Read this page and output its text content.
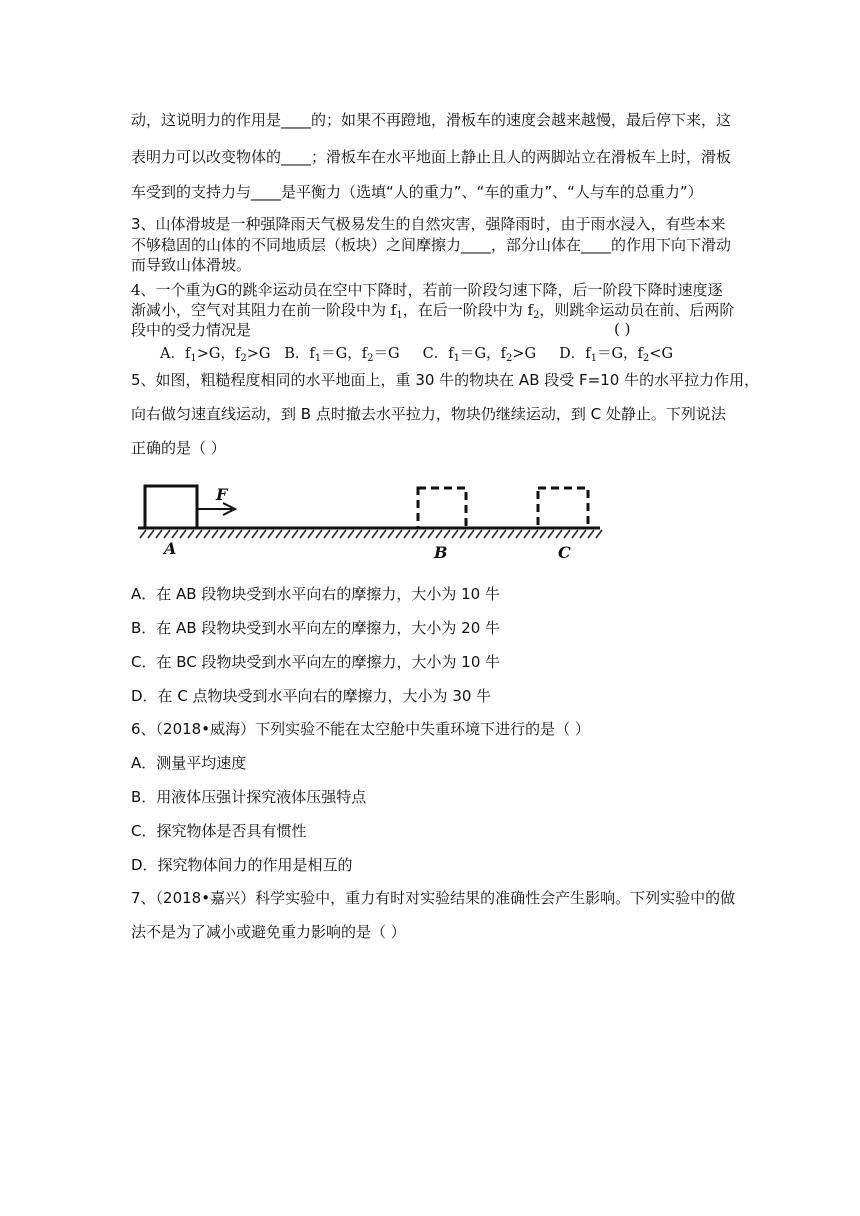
动，这说明力的作用是____的；如果不再蹬地，滑板车的速度会越来越慢，最后停下来，这
表明力可以改变物体的____；滑板车在水平地面上静止且人的两脚站立在滑板车上时，滑板
车受到的支持力与____是平衡力（选填“人的重力”、“车的重力”、“人与车的总重力”）
3、山体滑坡是一种强降雨天气极易发生的自然灾害，强降雨时，由于雨水浸入，有些本来
不够稳固的山体的不同地质层（板块）之间摩擦力____，部分山体在____的作用下向下滑动
而导致山体滑坡。
4、一个重为G的跳伞运动员在空中下降时，若前一阶段匀速下降，后一阶段下降时速度逐
渐减小，空气对其阻力在前一阶段中为 $f_1$，在后一阶段中为 $f_2$，则跳伞运动员在前、后两阶
段中的受力情况是	( )
A．$f_1>G$，$f_2>G$ B．$f_1=G$，$f_2=G$ C．$f_1=G$，$f_2>G$ D．$f_1=G$，$f_2<G$
5、如图，粗糙程度相同的水平地面上，重 30 牛的物块在 AB 段受 F=10 牛的水平拉力作用，
向右做匀速直线运动，到 B 点时撤去水平拉力，物块仍继续运动，到 C 处静止。下列说法
正确的是（ ）
F
A	B	C
A．在 AB 段物块受到水平向右的摩擦力，大小为 10 牛
B．在 AB 段物块受到水平向左的摩擦力，大小为 20 牛
C．在 BC 段物块受到水平向左的摩擦力，大小为 10 牛
D．在 C 点物块受到水平向右的摩擦力，大小为 30 牛
6、（2018•威海）下列实验不能在太空舱中失重环境下进行的是（ ）
A．测量平均速度
B．用液体压强计探究液体压强特点
C．探究物体是否具有惯性
D．探究物体间力的作用是相互的
7、（2018•嘉兴）科学实验中，重力有时对实验结果的准确性会产生影响。下列实验中的做
法不是为了减小或避免重力影响的是（ ）
